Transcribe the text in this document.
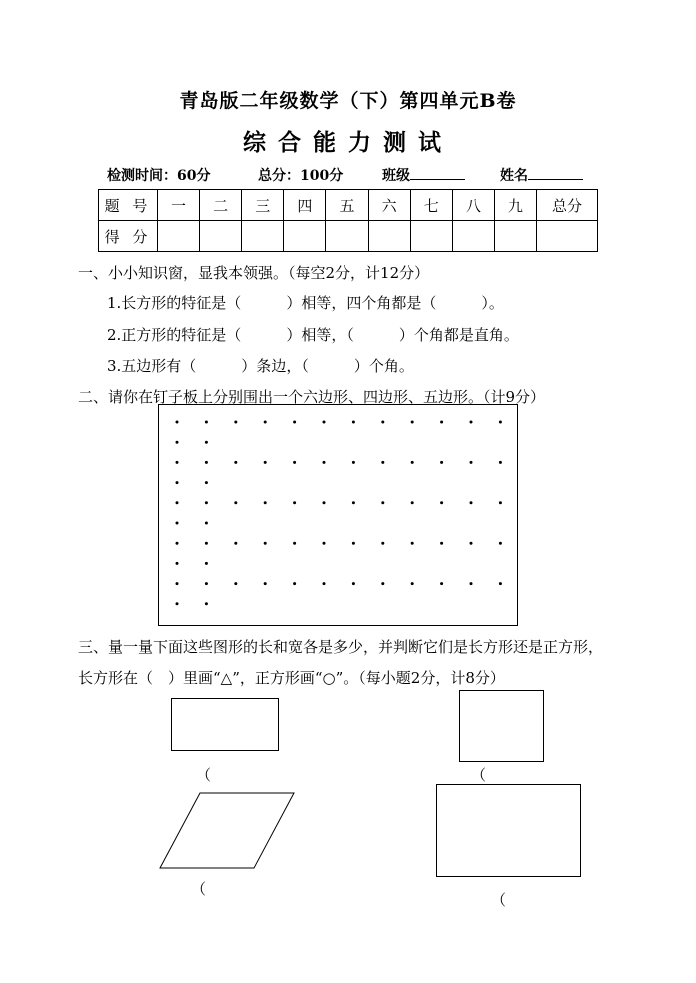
青岛版二年级数学（下）第四单元B卷
综合能力测试
检测时间：60分	总分：100分	班级	姓名
题 号	一	二	三	四	五	六	七	八	九	总分
得 分										
一、小小知识窗，显我本领强。（每空2分，计12分）
1.长方形的特征是（　　　）相等，四个角都是（　　　）。
2.正方形的特征是（　　　）相等，（　　　）个角都是直角。
3.五边形有（　　　）条边，（　　　）个角。
二、请你在钉子板上分别围出一个六边形、四边形、五边形。（计9分）
三、量一量下面这些图形的长和宽各是多少，并判断它们是长方形还是正方形，
长方形在（　）里画“△”，正方形画“○”。（每小题2分，计8分）
（	（
（
（
